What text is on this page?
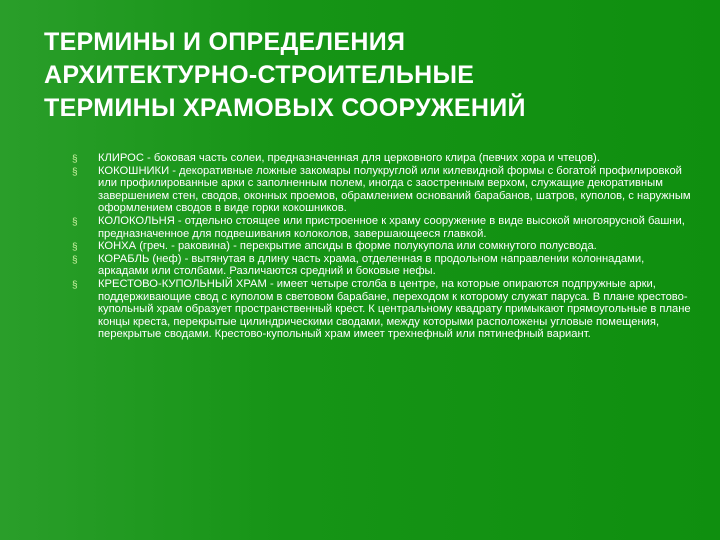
ТЕРМИНЫ И ОПРЕДЕЛЕНИЯ
АРХИТЕКТУРНО-СТРОИТЕЛЬНЫЕ
ТЕРМИНЫ ХРАМОВЫХ СООРУЖЕНИЙ
§	КЛИРОС - боковая часть солеи, предназначенная для церковного клира (певчих хора и чтецов).
§	КОКОШНИКИ - декоративные ложные закомары полукруглой или килевидной формы с богатой профилировкой или профилированные арки с заполненным полем, иногда с заостренным верхом, служащие декоративным завершением стен, сводов, оконных проемов, обрамлением оснований барабанов, шатров, куполов, с наружным оформлением сводов в виде горки кокошников.
§	КОЛОКОЛЬНЯ - отдельно стоящее или пристроенное к храму сооружение в виде высокой многоярусной башни, предназначенное для подвешивания колоколов, завершающееся главкой.
§	КОНХА (греч. - раковина) - перекрытие апсиды в форме полукупола или сомкнутого полусвода.
§	КОРАБЛЬ (неф) - вытянутая в длину часть храма, отделенная в продольном направлении колоннадами, аркадами или столбами. Различаются средний и боковые нефы.
§	КРЕСТОВО-КУПОЛЬНЫЙ ХРАМ - имеет четыре столба в центре, на которые опираются подпружные арки, поддерживающие свод с куполом в световом барабане, переходом к которому служат паруса. В плане крестово-купольный храм образует пространственный крест. К центральному квадрату примыкают прямоугольные в плане концы креста, перекрытые цилиндрическими сводами, между которыми расположены угловые помещения, перекрытые сводами. Крестово-купольный храм имеет трехнефный или пятинефный вариант.
